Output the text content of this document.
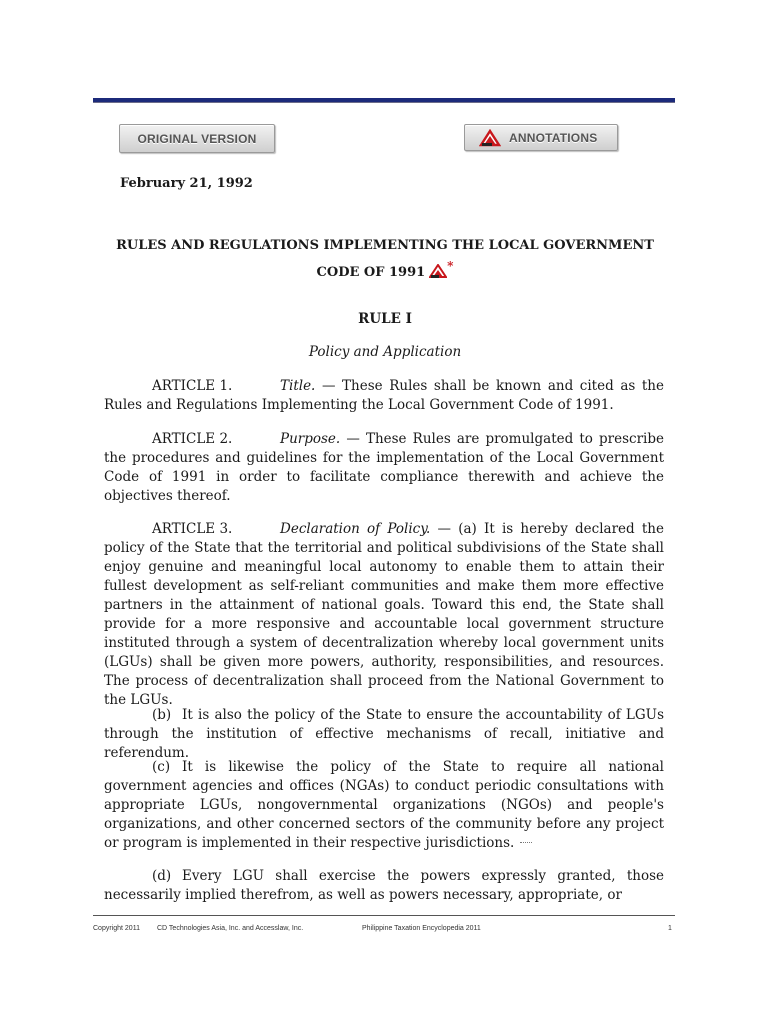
ORIGINAL VERSION	ANNOTATIONS
February 21, 1992
RULES AND REGULATIONS IMPLEMENTING THE LOCAL GOVERNMENT
CODE OF 1991 *
RULE I
Policy and Application
ARTICLE 1.	Title. — These Rules shall be known and cited as the Rules and Regulations Implementing the Local Government Code of 1991.
ARTICLE 2.	Purpose. — These Rules are promulgated to prescribe the procedures and guidelines for the implementation of the Local Government Code of 1991 in order to facilitate compliance therewith and achieve the objectives thereof.
ARTICLE 3.	Declaration of Policy. — (a) It is hereby declared the policy of the State that the territorial and political subdivisions of the State shall enjoy genuine and meaningful local autonomy to enable them to attain their fullest development as self-reliant communities and make them more effective partners in the attainment of national goals. Toward this end, the State shall provide for a more responsive and accountable local government structure instituted through a system of decentralization whereby local government units (LGUs) shall be given more powers, authority, responsibilities, and resources. The process of decentralization shall proceed from the National Government to the LGUs.
(b) It is also the policy of the State to ensure the accountability of LGUs through the institution of effective mechanisms of recall, initiative and referendum.
(c) It is likewise the policy of the State to require all national government agencies and offices (NGAs) to conduct periodic consultations with appropriate LGUs, nongovernmental organizations (NGOs) and people's organizations, and other concerned sectors of the community before any project or program is implemented in their respective jurisdictions.
(d) Every LGU shall exercise the powers expressly granted, those necessarily implied therefrom, as well as powers necessary, appropriate, or
Copyright 2011 CD Technologies Asia, Inc. and Accesslaw, Inc.	Philippine Taxation Encyclopedia 2011	1
